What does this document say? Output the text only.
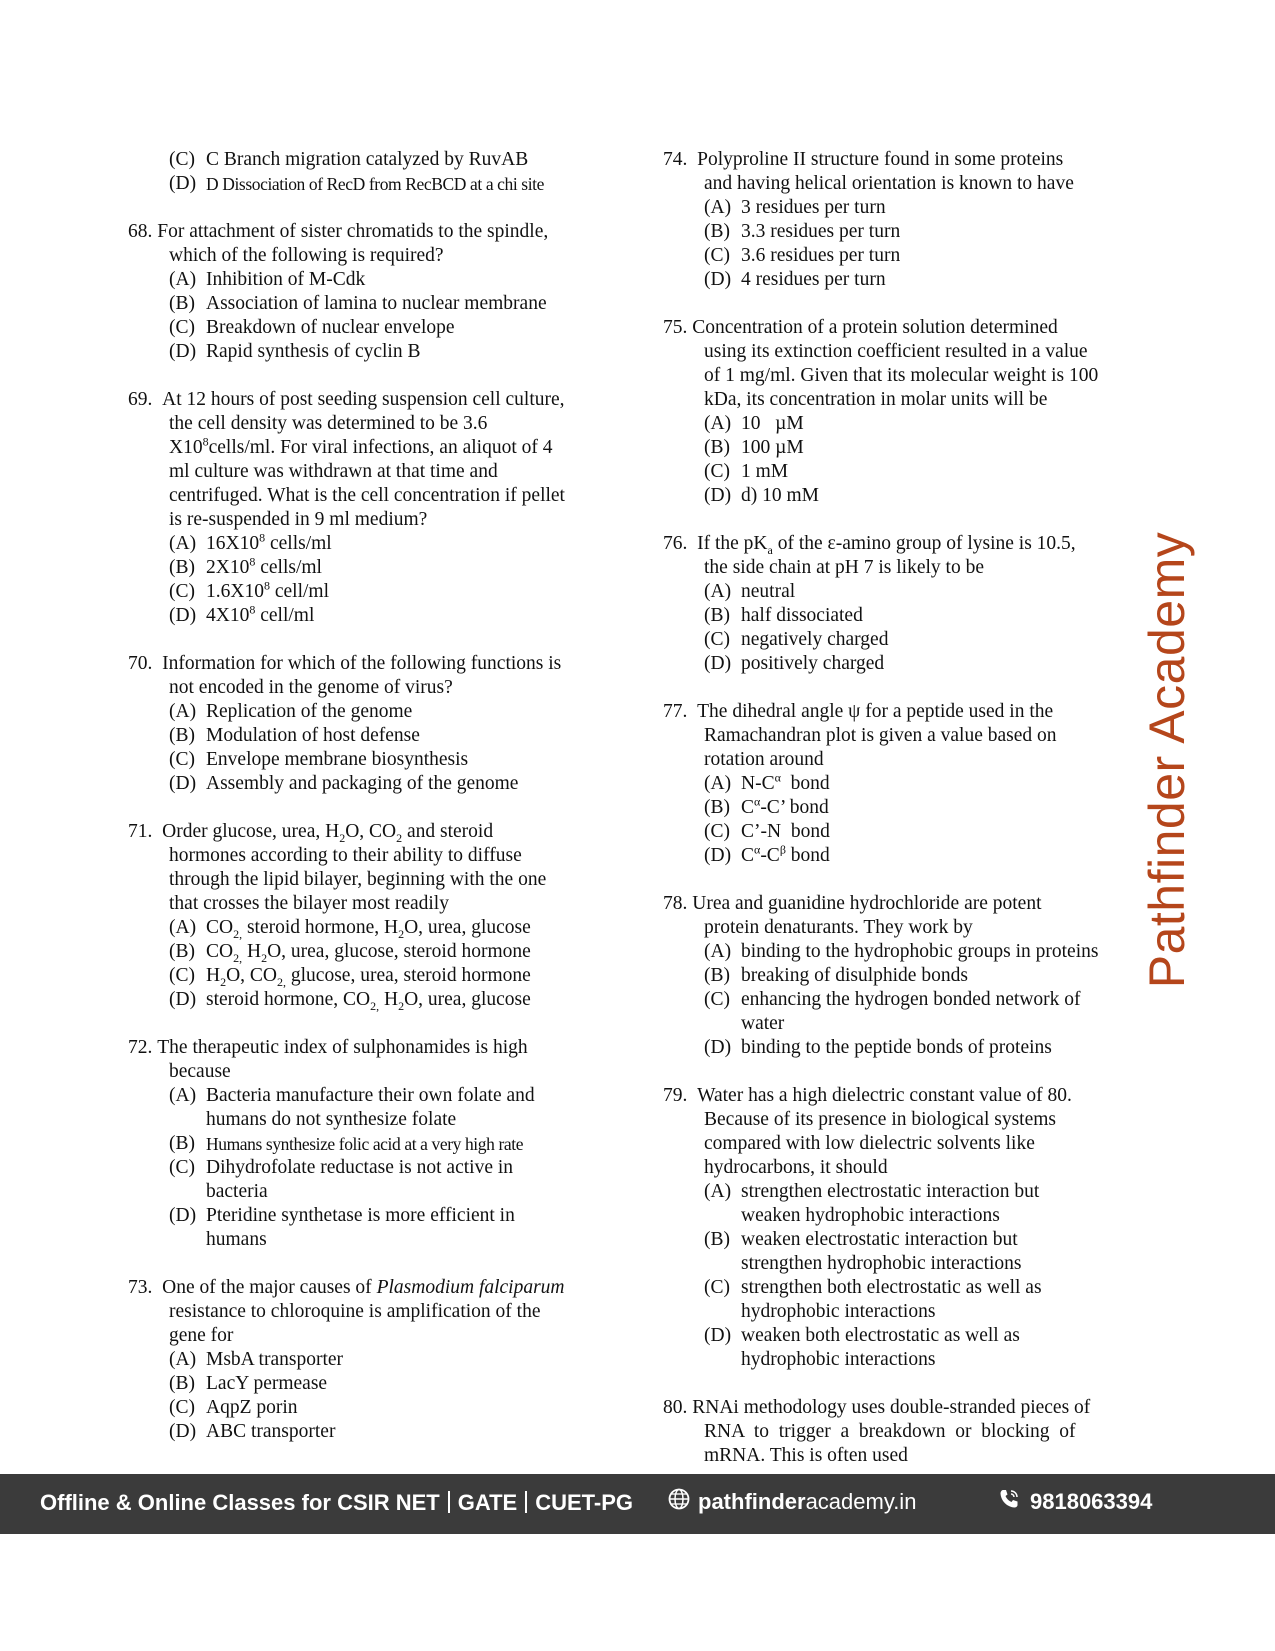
(C) C Branch migration catalyzed by RuvAB
(D) D Dissociation of RecD from RecBCD at a chi site
68. For attachment of sister chromatids to the spindle,
which of the following is required?
(A) Inhibition of M-Cdk
(B) Association of lamina to nuclear membrane
(C) Breakdown of nuclear envelope
(D) Rapid synthesis of cyclin B
69. At 12 hours of post seeding suspension cell culture,
the cell density was determined to be 3.6
$X10^8cells/ml$. For viral infections, an aliquot of 4
ml culture was withdrawn at that time and
centrifuged. What is the cell concentration if pellet
is re-suspended in 9 ml medium?
(A) $16X10^8$ cells/ml
(B) $2X10^8$ cells/ml
(C) $1.6X10^8$ cell/ml
(D) $4X10^8$ cell/ml
70. Information for which of the following functions is
not encoded in the genome of virus?
(A) Replication of the genome
(B) Modulation of host defense
(C) Envelope membrane biosynthesis
(D) Assembly and packaging of the genome
71. Order glucose, urea, $H_2O$, $CO_2$ and steroid
hormones according to their ability to diffuse
through the lipid bilayer, beginning with the one
that crosses the bilayer most readily
(A) $CO_{2,}$ steroid hormone, $H_2O$, urea, glucose
(B) $CO_{2,}$ $H_2O$, urea, glucose, steroid hormone
(C) $H_2O$, $CO_{2,}$ glucose, urea, steroid hormone
(D) steroid hormone, $CO_{2,}$ $H_2O$, urea, glucose
72. The therapeutic index of sulphonamides is high
because
(A) Bacteria manufacture their own folate and
humans do not synthesize folate
(B) Humans synthesize folic acid at a very high rate
(C) Dihydrofolate reductase is not active in
bacteria
(D) Pteridine synthetase is more efficient in
humans
73. One of the major causes of Plasmodium falciparum
resistance to chloroquine is amplification of the
gene for
(A) MsbA transporter
(B) LacY permease
(C) AqpZ porin
(D) ABC transporter
74. Polyproline II structure found in some proteins
and having helical orientation is known to have
(A) 3 residues per turn
(B) 3.3 residues per turn
(C) 3.6 residues per turn
(D) 4 residues per turn
75. Concentration of a protein solution determined
using its extinction coefficient resulted in a value
of 1 mg/ml. Given that its molecular weight is 100
kDa, its concentration in molar units will be
(A) 10   µM
(B) 100 µM
(C) 1 mM
(D) d) 10 mM
76. If the $pK_a$ of the ε-amino group of lysine is 10.5,
the side chain at pH 7 is likely to be
(A) neutral
(B) half dissociated
(C) negatively charged
(D) positively charged
77. The dihedral angle ψ for a peptide used in the
Ramachandran plot is given a value based on
rotation around
(A) $N-C^\alpha$  bond
(B) $C^\alpha-C$’ bond
(C) C’-N  bond
(D) $C^\alpha-C^\beta$ bond
78. Urea and guanidine hydrochloride are potent
protein denaturants. They work by
(A) binding to the hydrophobic groups in proteins
(B) breaking of disulphide bonds
(C) enhancing the hydrogen bonded network of
water
(D) binding to the peptide bonds of proteins
79. Water has a high dielectric constant value of 80.
Because of its presence in biological systems
compared with low dielectric solvents like
hydrocarbons, it should
(A) strengthen electrostatic interaction but
weaken hydrophobic interactions
(B) weaken electrostatic interaction but
strengthen hydrophobic interactions
(C) strengthen both electrostatic as well as
hydrophobic interactions
(D) weaken both electrostatic as well as
hydrophobic interactions
80. RNAi methodology uses double-stranded pieces of
RNA  to  trigger  a  breakdown  or  blocking  of
mRNA. This is often used
Pathfinder Academy
Offline & Online Classes for CSIR NET GATE CUET-PG	pathfinderacademy.in	9818063394
